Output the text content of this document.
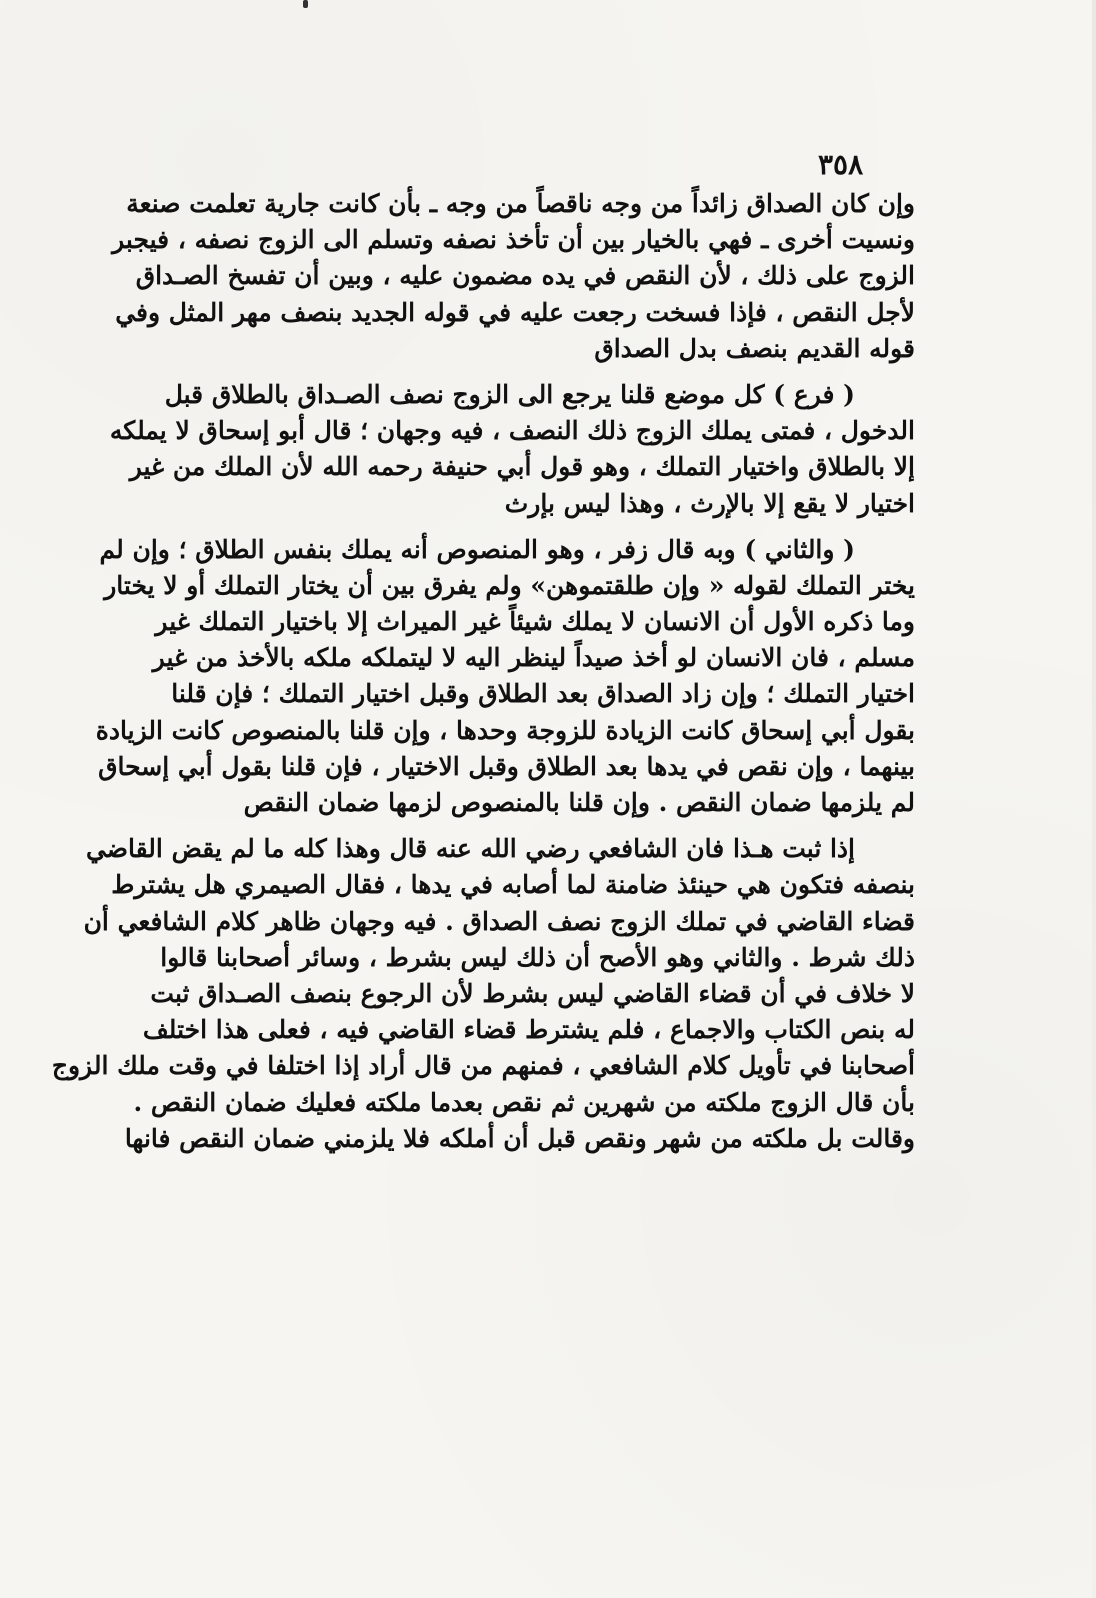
٣٥٨
وإن كان الصداق زائداً من وجه ناقصاً من وجه ـ بأن كانت جارية تعلمت صنعة
ونسيت أخرى ـ فهي بالخيار بين أن تأخذ نصفه وتسلم الى الزوج نصفه ، فيجبر
الزوج على ذلك ، لأن النقص في يده مضمون عليه ، وبين أن تفسخ الصـداق
لأجل النقص ، فإذا فسخت رجعت عليه في قوله الجديد بنصف مهر المثل وفي
قوله القديم بنصف بدل الصداق
( فرع ) كل موضع قلنا يرجع الى الزوج نصف الصـداق بالطلاق قبل
الدخول ، فمتى يملك الزوج ذلك النصف ، فيه وجهان ؛ قال أبو إسحاق لا يملكه
إلا بالطلاق واختيار التملك ، وهو قول أبي حنيفة رحمه الله لأن الملك من غير
اختيار لا يقع إلا بالإرث ، وهذا ليس بإرث
( والثاني ) وبه قال زفر ، وهو المنصوص أنه يملك بنفس الطلاق ؛ وإن لم
يختر التملك لقوله « وإن طلقتموهن» ولم يفرق بين أن يختار التملك أو لا يختار
وما ذكره الأول أن الانسان لا يملك شيئاً غير الميراث إلا باختيار التملك غير
مسلم ، فان الانسان لو أخذ صيداً لينظر اليه لا ليتملكه ملكه بالأخذ من غير
اختيار التملك ؛ وإن زاد الصداق بعد الطلاق وقبل اختيار التملك ؛ فإن قلنا
بقول أبي إسحاق كانت الزيادة للزوجة وحدها ، وإن قلنا بالمنصوص كانت الزيادة
بينهما ، وإن نقص في يدها بعد الطلاق وقبل الاختيار ، فإن قلنا بقول أبي إسحاق
لم يلزمها ضمان النقص . وإن قلنا بالمنصوص لزمها ضمان النقص
إذا ثبت هـذا فان الشافعي رضي الله عنه قال وهذا كله ما لم يقض القاضي
بنصفه فتكون هي حينئذ ضامنة لما أصابه في يدها ، فقال الصيمري هل يشترط
قضاء القاضي في تملك الزوج نصف الصداق . فيه وجهان ظاهر كلام الشافعي أن
ذلك شرط . والثاني وهو الأصح أن ذلك ليس بشرط ، وسائر أصحابنا قالوا
لا خلاف في أن قضاء القاضي ليس بشرط لأن الرجوع بنصف الصـداق ثبت
له بنص الكتاب والاجماع ، فلم يشترط قضاء القاضي فيه ، فعلى هذا اختلف
أصحابنا في تأويل كلام الشافعي ، فمنهم من قال أراد إذا اختلفا في وقت ملك الزوج
بأن قال الزوج ملكته من شهرين ثم نقص بعدما ملكته فعليك ضمان النقص .
وقالت بل ملكته من شهر ونقص قبل أن أملكه فلا يلزمني ضمان النقص فانها
